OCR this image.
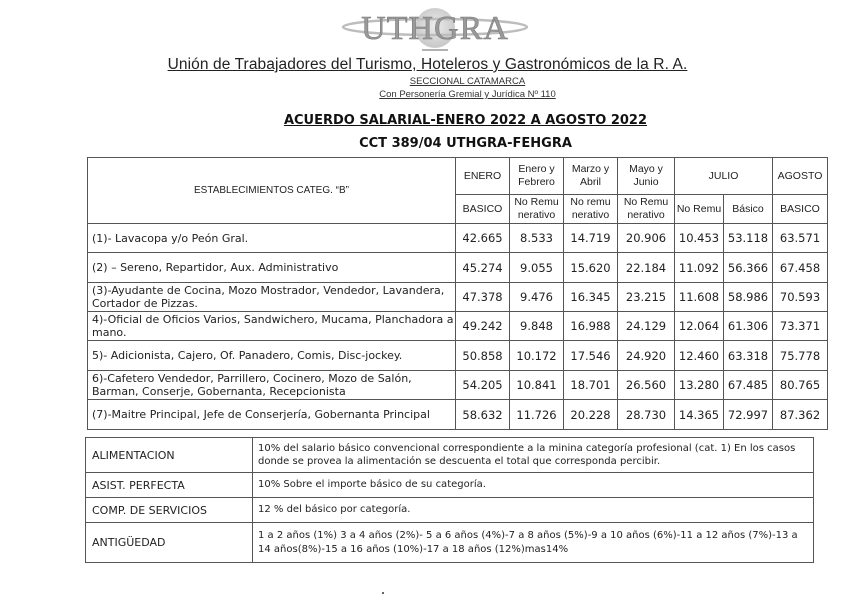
UTHGRA
Unión de Trabajadores del Turismo, Hoteleros y Gastronómicos de la R. A.
SECCIONAL CATAMARCA
Con Personería Gremial y Jurídica Nº 110
ACUERDO SALARIAL-ENERO 2022 A AGOSTO 2022
CCT 389/04 UTHGRA-FEHGRA
ESTABLECIMIENTOS CATEG. “B”	ENERO	Enero y Febrero	Marzo y Abril	Mayo y Junio	JULIO		AGOSTO
	BASICO	No Remu nerativo	No remu nerativo	No Remu nerativo	No Remu	Básico	BASICO
(1)- Lavacopa y/o Peón Gral.	42.665	8.533	14.719	20.906	10.453	53.118	63.571
(2) – Sereno, Repartidor, Aux. Administrativo	45.274	9.055	15.620	22.184	11.092	56.366	67.458
(3)-Ayudante de Cocina, Mozo Mostrador, Vendedor, Lavandera, Cortador de Pizzas.	47.378	9.476	16.345	23.215	11.608	58.986	70.593
4)-Oficial de Oficios Varios, Sandwichero, Mucama, Planchadora a mano.	49.242	9.848	16.988	24.129	12.064	61.306	73.371
5)- Adicionista, Cajero, Of. Panadero, Comis, Disc-jockey.	50.858	10.172	17.546	24.920	12.460	63.318	75.778
6)-Cafetero Vendedor, Parrillero, Cocinero, Mozo de Salón, Barman, Conserje, Gobernanta, Recepcionista	54.205	10.841	18.701	26.560	13.280	67.485	80.765
(7)-Maitre Principal, Jefe de Conserjería, Gobernanta Principal	58.632	11.726	20.228	28.730	14.365	72.997	87.362
ALIMENTACION	10% del salario básico convencional correspondiente a la minina categoría profesional (cat. 1) En los casos donde se provea la alimentación se descuenta el total que corresponda percibir.
ASIST. PERFECTA	10% Sobre el importe básico de su categoría.
COMP. DE SERVICIOS	12 % del básico por categoría.
ANTIGÜEDAD	1 a 2 años (1%) 3 a 4 años (2%)- 5 a 6 años (4%)-7 a 8 años (5%)-9 a 10 años (6%)-11 a 12 años (7%)-13 a 14 años(8%)-15 a 16 años (10%)-17 a 18 años (12%)mas14%
